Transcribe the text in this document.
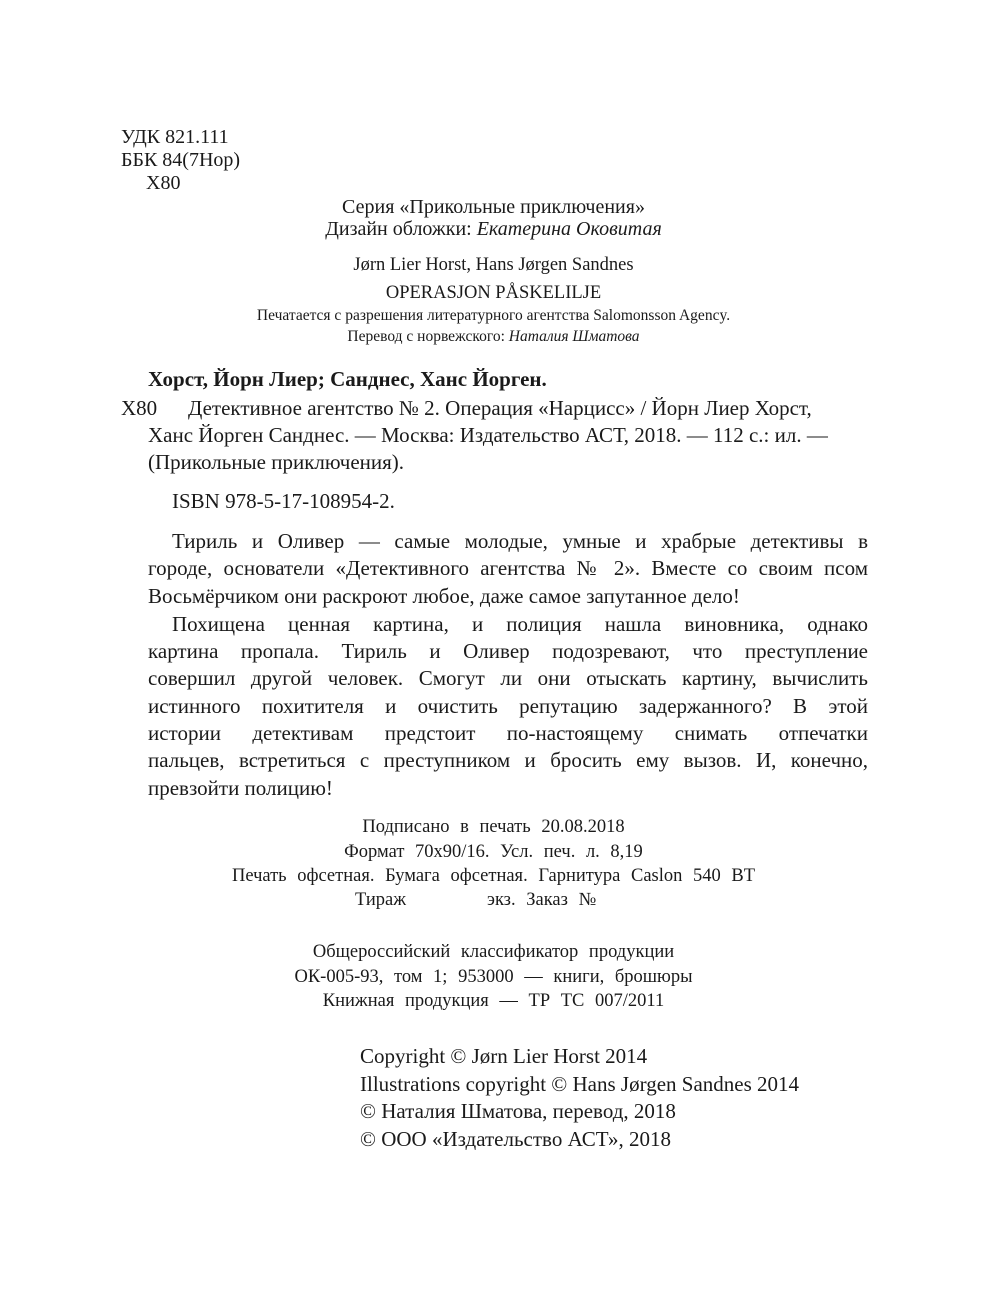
УДК 821.111
ББК 84(7Нор)
Х80
Серия «Прикольные приключения»
Дизайн обложки: Екатерина Оковитая
Jørn Lier Horst, Hans Jørgen Sandnes
OPERASJON PÅSKELILJE
Печатается с разрешения литературного агентства Salomonsson Agency.
Перевод с норвежского: Наталия Шматова
Хорст, Йорн Лиер; Санднес, Ханс Йорген.
Х80 Детективное агентство № 2. Операция «Нарцисс» / Йорн Лиер Хорст,
Ханс Йорген Санднес. — Москва: Издательство АСТ, 2018. — 112 с.: ил. —
(Прикольные приключения).
ISBN 978-5-17-108954-2.
Тириль и Оливер — самые молодые, умные и храбрые детективы в
городе, основатели «Детективного агентства № 2». Вместе со своим псом
Восьмёрчиком они раскроют любое, даже самое запутанное дело!
Похищена ценная картина, и полиция нашла виновника, однако
картина пропала. Тириль и Оливер подозревают, что преступление
совершил другой человек. Смогут ли они отыскать картину, вычислить
истинного похитителя и очистить репутацию задержанного? В этой
истории детективам предстоит по-настоящему снимать отпечатки
пальцев, встретиться с преступником и бросить ему вызов. И, конечно,
превзойти полицию!
Подписано в печать 20.08.2018
Формат 70х90/16. Усл. печ. л. 8,19
Печать офсетная. Бумага офсетная. Гарнитура Caslon 540 BT
Тираж	экз. Заказ №
Общероссийский классификатор продукции
ОК-005-93, том 1; 953000 — книги, брошюры
Книжная продукция — ТР ТС 007/2011
Copyright © Jørn Lier Horst 2014
Illustrations copyright © Hans Jørgen Sandnes 2014
© Наталия Шматова, перевод, 2018
© ООО «Издательство АСТ», 2018
